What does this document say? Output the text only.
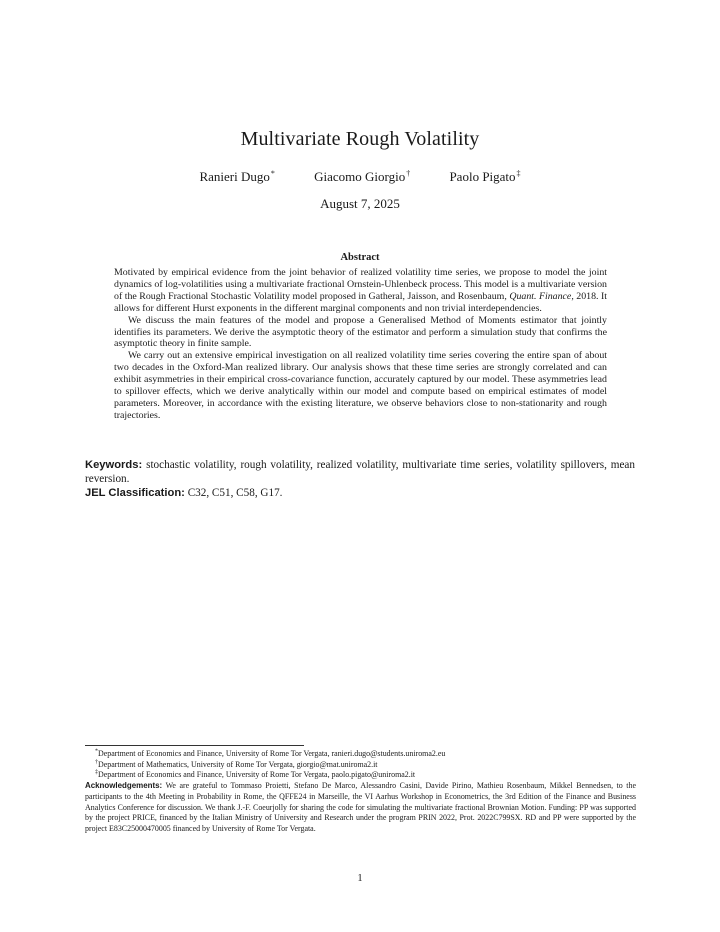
Multivariate Rough Volatility
Ranieri Dugo*	Giacomo Giorgio†	Paolo Pigato‡
August 7, 2025
Abstract

Motivated by empirical evidence from the joint behavior of realized volatility time series, we propose to model the joint dynamics of log-volatilities using a multivariate fractional Ornstein-Uhlenbeck process. This model is a multivariate version of the Rough Fractional Stochastic Volatility model proposed in Gatheral, Jaisson, and Rosenbaum, Quant. Finance, 2018. It allows for different Hurst exponents in the different marginal components and non trivial interdependencies.

We discuss the main features of the model and propose a Generalised Method of Moments estimator that jointly identifies its parameters. We derive the asymptotic theory of the estimator and perform a simulation study that confirms the asymptotic theory in finite sample.

We carry out an extensive empirical investigation on all realized volatility time series covering the entire span of about two decades in the Oxford-Man realized library. Our analysis shows that these time series are strongly correlated and can exhibit asymmetries in their empirical cross-covariance function, accurately captured by our model. These asymmetries lead to spillover effects, which we derive analytically within our model and compute based on empirical estimates of model parameters. Moreover, in accordance with the existing literature, we observe behaviors close to non-stationarity and rough trajectories.

Keywords: stochastic volatility, rough volatility, realized volatility, multivariate time series, volatility spillovers, mean reversion.
JEL Classification: C32, C51, C58, G17.
*Department of Economics and Finance, University of Rome Tor Vergata, ranieri.dugo@students.uniroma2.eu
†Department of Mathematics, University of Rome Tor Vergata, giorgio@mat.uniroma2.it
‡Department of Economics and Finance, University of Rome Tor Vergata, paolo.pigato@uniroma2.it
Acknowledgements: We are grateful to Tommaso Proietti, Stefano De Marco, Alessandro Casini, Davide Pirino, Mathieu Rosenbaum, Mikkel Bennedsen, to the participants to the 4th Meeting in Probability in Rome, the QFFE24 in Marseille, the VI Aarhus Workshop in Econometrics, the 3rd Edition of the Finance and Business Analytics Conference for discussion. We thank J.-F. Coeurjolly for sharing the code for simulating the multivariate fractional Brownian Motion. Funding: PP was supported by the project PRICE, financed by the Italian Ministry of University and Research under the program PRIN 2022, Prot. 2022C799SX. RD and PP were supported by the project E83C25000470005 financed by University of Rome Tor Vergata.
1
